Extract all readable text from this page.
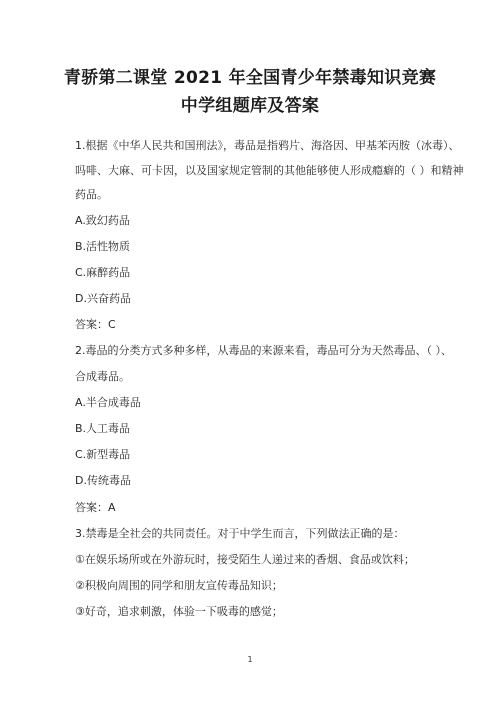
青骄第二课堂 2021 年全国青少年禁毒知识竞赛
中学组题库及答案
1.根据《中华人民共和国刑法》，毒品是指鸦片、海洛因、甲基苯丙胺（冰毒）、
吗啡、大麻、可卡因，以及国家规定管制的其他能够使人形成瘾癖的（ ）和精神
药品。
A.致幻药品
B.活性物质
C.麻醉药品
D.兴奋药品
答案：C
2.毒品的分类方式多种多样，从毒品的来源来看，毒品可分为天然毒品、（ ）、
合成毒品。
A.半合成毒品
B.人工毒品
C.新型毒品
D.传统毒品
答案：A
3.禁毒是全社会的共同责任。对于中学生而言，下列做法正确的是：
①在娱乐场所或在外游玩时，接受陌生人递过来的香烟、食品或饮料；
②积极向周围的同学和朋友宣传毒品知识；
③好奇，追求刺激，体验一下吸毒的感觉；
1
